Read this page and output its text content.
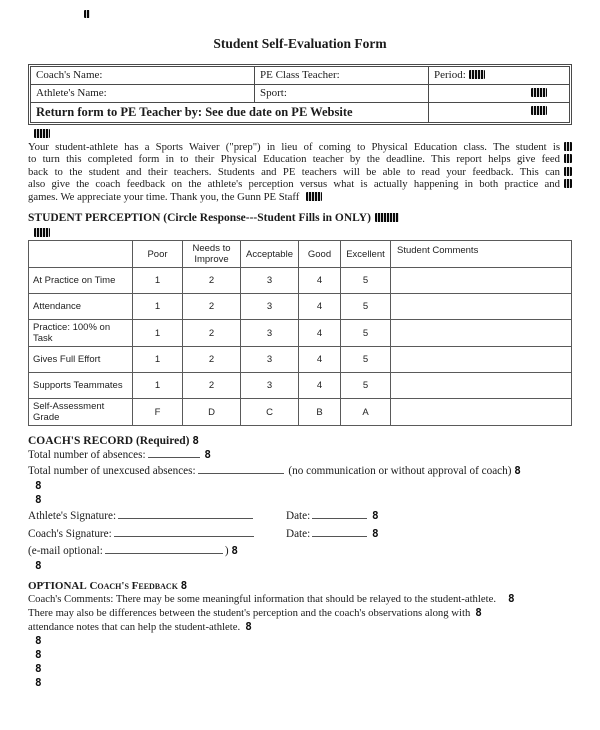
Student Self-Evaluation Form
Coach's Name:	PE Class Teacher:	Period:
Athlete's Name:	Sport:	
Return form to PE Teacher by: See due date on PE Website		
Your student-athlete has a Sports Waiver ("prep") in lieu of coming to Physical Education class. The student is
to turn this completed form in to their Physical Education teacher by the deadline. This report helps give feed
back to the student and their teachers. Students and PE teachers will be able to read your feedback. This can
also give the coach feedback on the athlete's perception versus what is actually happening in both practice and
games. We appreciate your time. Thank you, the Gunn PE Staff
STUDENT PERCEPTION (Circle Response---Student Fills in ONLY)
	Poor	Needs to Improve	Acceptable	Good	Excellent	Student Comments
At Practice on Time	1	2	3	4	5	
Attendance	1	2	3	4	5	
Practice: 100% on Task	1	2	3	4	5	
Gives Full Effort	1	2	3	4	5	
Supports Teammates	1	2	3	4	5	
Self-Assessment Grade	F	D	C	B	A	
COACH'S RECORD (Required) 8
Total number of absences:	8
Total number of unexcused absences:	(no communication or without approval of coach) 8
8
8
Athlete's Signature:	Date:	8
Coach's Signature:	Date:	8
(e-mail optional:	) 8
8
OPTIONAL Coach's Feedback 8
Coach's Comments: There may be some meaningful information that should be relayed to the student-athlete. 8
There may also be differences between the student's perception and the coach's observations along with 8
attendance notes that can help the student-athlete. 8
8
8
8
8
